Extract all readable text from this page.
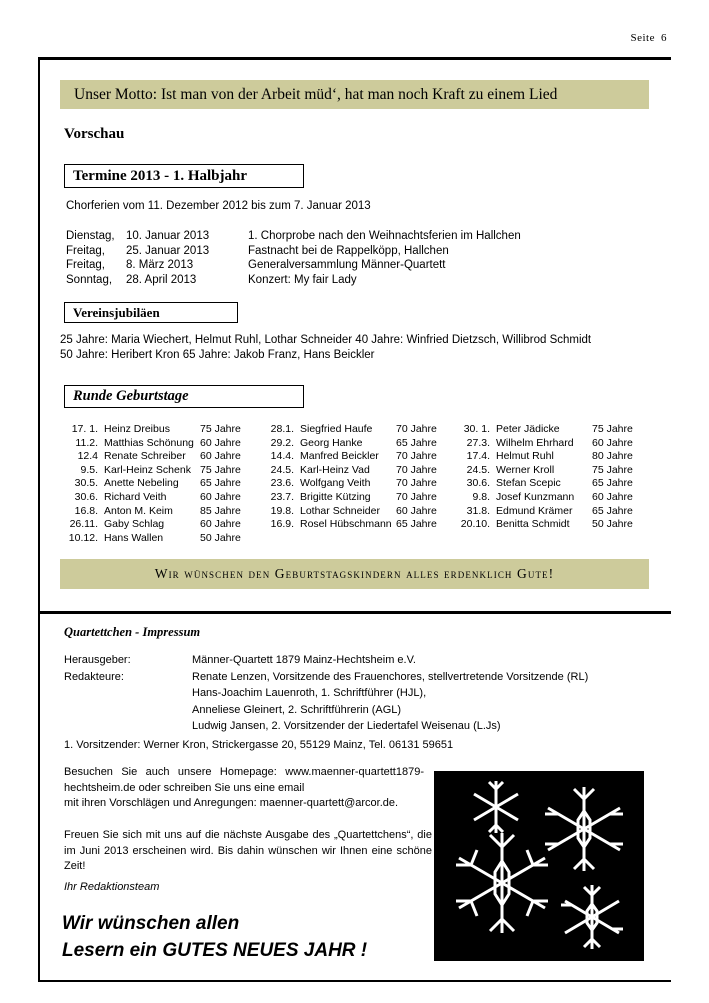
Seite 6
Unser Motto: Ist man von der Arbeit müd‘, hat man noch Kraft zu einem Lied
Vorschau
Termine 2013 - 1. Halbjahr
Chorferien vom 11. Dezember 2012 bis zum 7. Januar 2013
Dienstag, 10. Januar 2013	1. Chorprobe nach den Weihnachtsferien im Hallchen
Freitag,	25. Januar 2013	Fastnacht bei de Rappelköpp, Hallchen
Freitag,	8. März 2013	Generalversammlung Männer-Quartett
Sonntag,	28. April 2013	Konzert: My fair Lady
Vereinsjubiläen
25 Jahre: Maria Wiechert, Helmut Ruhl, Lothar Schneider 40 Jahre: Winfried Dietzsch, Willibrod Schmidt
50 Jahre: Heribert Kron 65 Jahre: Jakob Franz, Hans Beickler
Runde Geburtstage
17. 1. Heinz Dreibus	75 Jahre
11.2. Matthias Schönung 60 Jahre
12.4 Renate Schreiber	60 Jahre
9.5. Karl-Heinz Schenk 75 Jahre
30.5. Anette Nebeling	65 Jahre
30.6. Richard Veith	60 Jahre
16.8. Anton M. Keim	85 Jahre
26.11. Gaby Schlag	60 Jahre
10.12. Hans Wallen	50 Jahre
28.1. Siegfried Haufe	70 Jahre
29.2. Georg Hanke	65 Jahre
14.4. Manfred Beickler	70 Jahre
24.5. Karl-Heinz Vad	70 Jahre
23.6. Wolfgang Veith	70 Jahre
23.7. Brigitte Kützing	70 Jahre
19.8. Lothar Schneider	60 Jahre
16.9. Rosel Hübschmann 65 Jahre
30. 1. Peter Jädicke	75 Jahre
27.3. Wilhelm Ehrhard	60 Jahre
17.4. Helmut Ruhl	80 Jahre
24.5. Werner Kroll	75 Jahre
30.6. Stefan Scepic	65 Jahre
9.8. Josef Kunzmann	60 Jahre
31.8. Edmund Krämer	65 Jahre
20.10. Benitta Schmidt	50 Jahre
Wir wünschen den Geburtstagskindern alles erdenklich Gute!
Quartettchen - Impressum
Herausgeber:	Männer-Quartett 1879 Mainz-Hechtsheim e.V.
Redakteure:	Renate Lenzen, Vorsitzende des Frauenchores, stellvertretende Vorsitzende (RL)
Hans-Joachim Lauenroth, 1. Schriftführer (HJL),
Anneliese Gleinert, 2. Schriftführerin (AGL)
Ludwig Jansen, 2. Vorsitzender der Liedertafel Weisenau (L.Js)
1. Vorsitzender: Werner Kron, Strickergasse 20, 55129 Mainz, Tel. 06131 59651
Besuchen Sie auch unsere Homepage: www.maenner-quartett1879-hechtsheim.de oder schreiben Sie uns eine email
mit ihren Vorschlägen und Anregungen: maenner-quartett@arcor.de.
Freuen Sie sich mit uns auf die nächste Ausgabe des „Quartettchens“, die im Juni 2013 erscheinen wird. Bis dahin wünschen wir Ihnen eine schöne Zeit!
Ihr Redaktionsteam
Wir wünschen allen
Lesern ein GUTES NEUES JAHR !
